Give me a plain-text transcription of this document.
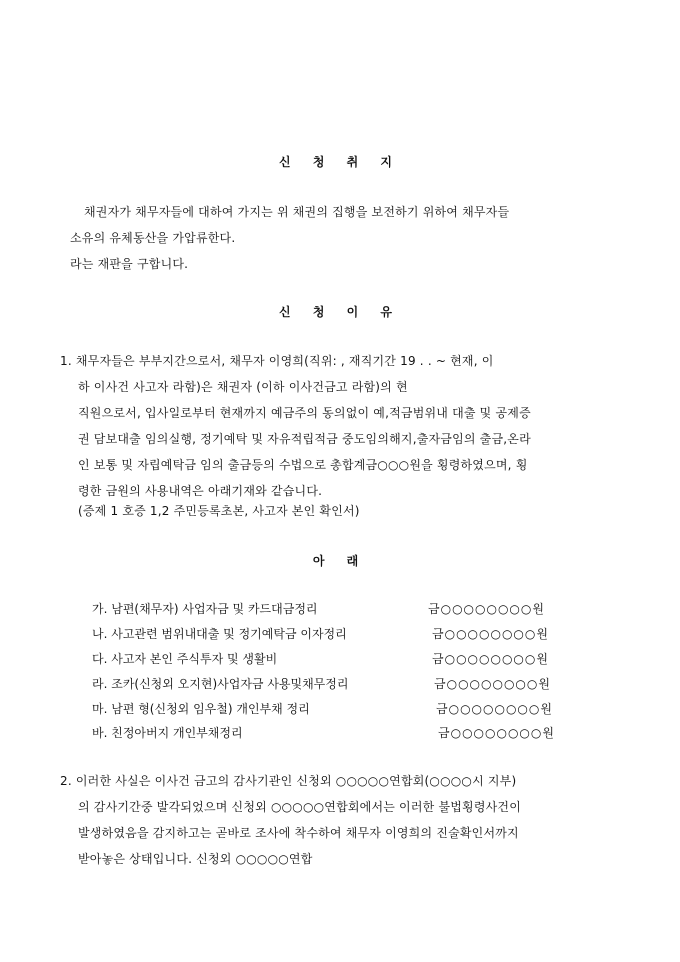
신 청 취 지
채권자가 채무자들에 대하여 가지는 위 채권의 집행을 보전하기 위하여 채무자들
소유의 유체동산을 가압류한다.
라는 재판을 구합니다.
신 청 이 유
1. 채무자들은 부부지간으로서, 채무자 이영희(직위: , 재직기간 19 . . ~ 현재, 이
하 이사건 사고자 라함)은 채권자 (이하 이사건금고 라함)의 현
직원으로서, 입사일로부터 현재까지 예금주의 동의없이 예,적금범위내 대출 및 공제증
권 담보대출 임의실행, 정기예탁 및 자유적립적금 중도임의해지,출자금임의 출금,온라
인 보통 및 자립예탁금 임의 출금등의 수법으로 총합계금○○○원을 횡령하였으며, 횡
령한 금원의 사용내역은 아래기재와 같습니다.
(증제 1 호증 1,2 주민등록초본, 사고자 본인 확인서)
아 래
가. 남편(채무자) 사업자금 및 카드대금정리	금○○○○○○○○원
나. 사고관련 범위내대출 및 정기예탁금 이자정리	금○○○○○○○○원
다. 사고자 본인 주식투자 및 생활비	금○○○○○○○○원
라. 조카(신청외 오지현)사업자금 사용및채무정리	금○○○○○○○○원
마. 남편 형(신청외 임우철) 개인부채 정리	금○○○○○○○○원
바. 친정아버지 개인부채정리	금○○○○○○○○원
2. 이러한 사실은 이사건 금고의 감사기관인 신청외 ○○○○○연합회(○○○○시 지부)
의 감사기간중 발각되었으며 신청외 ○○○○○연합회에서는 이러한 불법횡령사건이
발생하였음을 감지하고는 곧바로 조사에 착수하여 채무자 이영희의 진술확인서까지
받아놓은 상태입니다. 신청외 ○○○○○연합
